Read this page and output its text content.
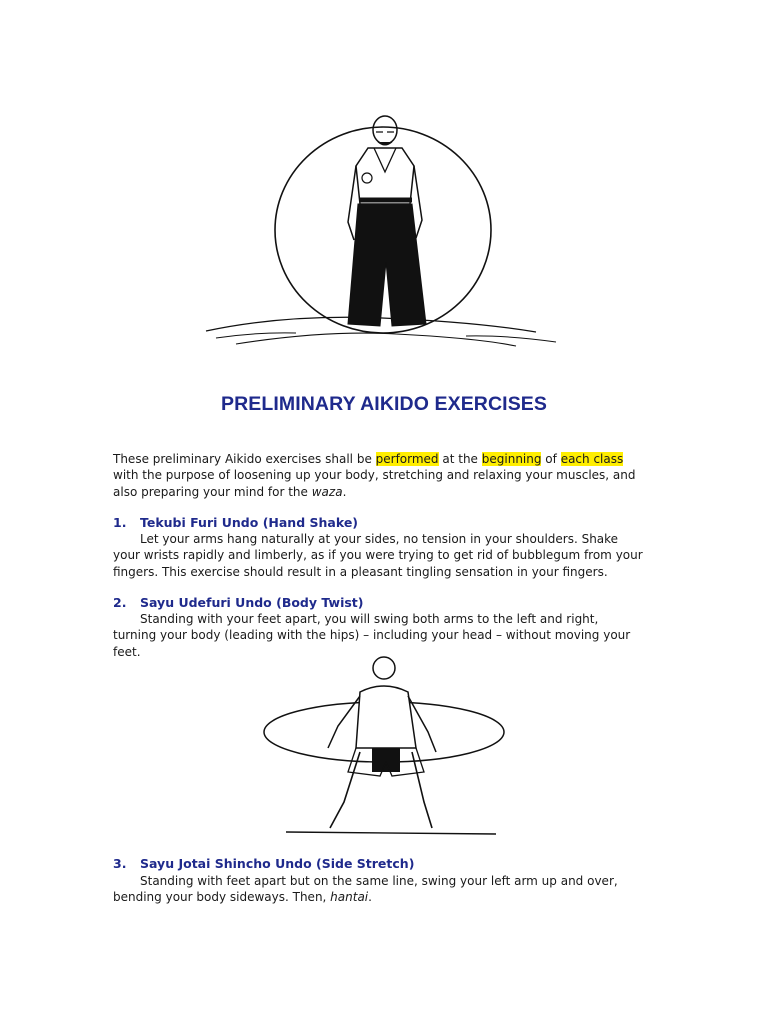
PRELIMINARY AIKIDO EXERCISES
These preliminary Aikido exercises shall be performed at the beginning of each class with the purpose of loosening up your body, stretching and relaxing your muscles, and also preparing your mind for the waza.
1. Tekubi Furi Undo (Hand Shake)
Let your arms hang naturally at your sides, no tension in your shoulders. Shake your wrists rapidly and limberly, as if you were trying to get rid of bubblegum from your fingers. This exercise should result in a pleasant tingling sensation in your fingers.
2. Sayu Udefuri Undo (Body Twist)
Standing with your feet apart, you will swing both arms to the left and right, turning your body (leading with the hips) – including your head – without moving your feet.
3. Sayu Jotai Shincho Undo (Side Stretch)
Standing with feet apart but on the same line, swing your left arm up and over, bending your body sideways. Then, hantai.
